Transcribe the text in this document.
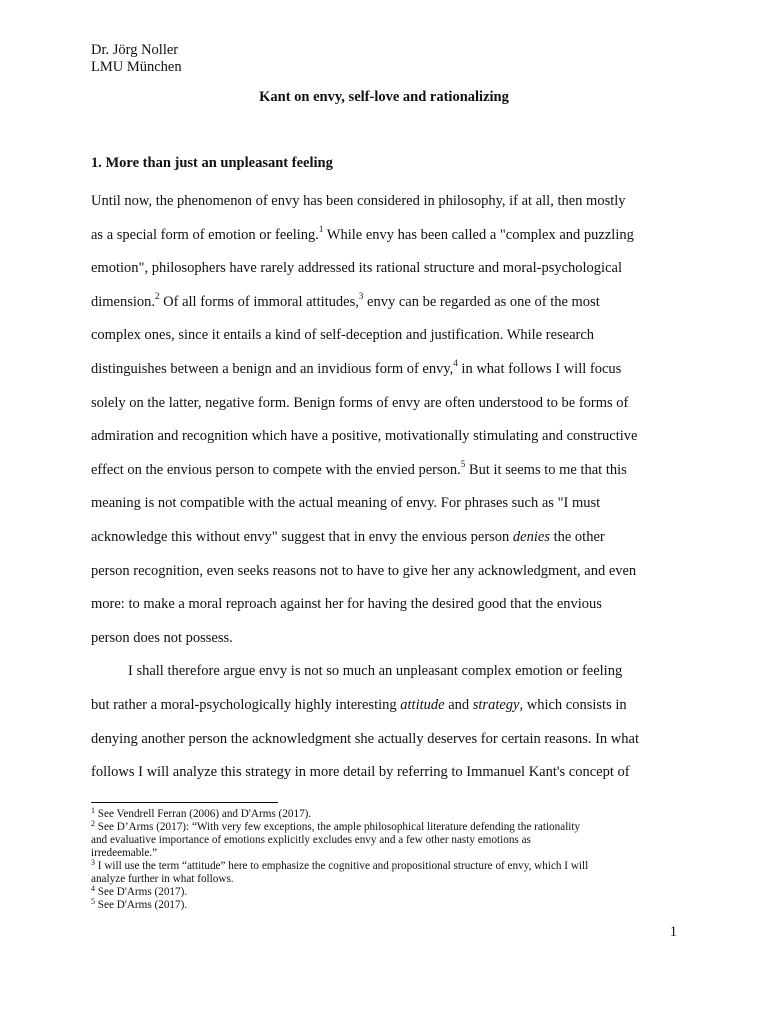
Dr. Jörg Noller
LMU München
Kant on envy, self-love and rationalizing
1. More than just an unpleasant feeling
Until now, the phenomenon of envy has been considered in philosophy, if at all, then mostly
as a special form of emotion or feeling.$^1$ While envy has been called a "complex and puzzling
emotion", philosophers have rarely addressed its rational structure and moral-psychological
dimension.$^2$ Of all forms of immoral attitudes,$^3$ envy can be regarded as one of the most
complex ones, since it entails a kind of self-deception and justification. While research
distinguishes between a benign and an invidious form of envy,$^4$ in what follows I will focus
solely on the latter, negative form. Benign forms of envy are often understood to be forms of
admiration and recognition which have a positive, motivationally stimulating and constructive
effect on the envious person to compete with the envied person.$^5$ But it seems to me that this
meaning is not compatible with the actual meaning of envy. For phrases such as "I must
acknowledge this without envy" suggest that in envy the envious person denies the other
person recognition, even seeks reasons not to have to give her any acknowledgment, and even
more: to make a moral reproach against her for having the desired good that the envious
person does not possess.
I shall therefore argue envy is not so much an unpleasant complex emotion or feeling
but rather a moral-psychologically highly interesting attitude and strategy, which consists in
denying another person the acknowledgment she actually deserves for certain reasons. In what
follows I will analyze this strategy in more detail by referring to Immanuel Kant's concept of
$^1$ See Vendrell Ferran (2006) and D'Arms (2017).
$^2$ See D’Arms (2017): “With very few exceptions, the ample philosophical literature defending the rationality
and evaluative importance of emotions explicitly excludes envy and a few other nasty emotions as
irredeemable.”
$^3$ I will use the term “attitude” here to emphasize the cognitive and propositional structure of envy, which I will
analyze further in what follows.
$^4$ See D'Arms (2017).
$^5$ See D'Arms (2017).
1
